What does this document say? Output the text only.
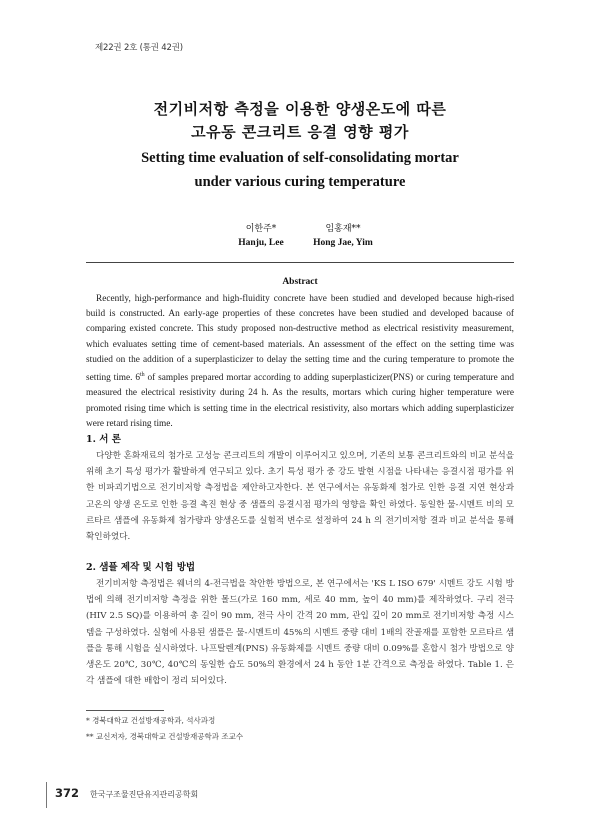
제22권 2호 (통권 42권)
전기비저항 측정을 이용한 양생온도에 따른
고유동 콘크리트 응결 영향 평가
Setting time evaluation of self-consolidating mortar
under various curing temperature
이한주*
Hanju, Lee
임홍재**
Hong Jae, Yim
Abstract
Recently, high-performance and high-fluidity concrete have been studied and developed because high-rised build is constructed. An early-age properties of these concretes have been studied and developed bacause of comparing existed concrete. This study proposed non-destructive method as electrical resistivity measurement, which evaluates setting time of cement-based materials. An assessment of the effect on the setting time was studied on the addition of a superplasticizer to delay the setting time and the curing temperature to promote the setting time. 6th of samples prepared mortar according to adding superplasticizer(PNS) or curing temperature and measured the electrical resistivity during 24 h. As the results, mortars which curing higher temperature were promoted rising time which is setting time in the electrical resistivity, also mortars which adding superplasticizer were retard rising time.
1. 서 론
다양한 혼화재료의 첨가로 고성능 콘크리트의 개발이 이루어지고 있으며, 기존의 보통 콘크리트와의 비교 분석을 위해 초기 특성 평가가 활발하게 연구되고 있다. 초기 특성 평가 중 강도 발현 시점을 나타내는 응결시점 평가를 위한 비파괴기법으로 전기비저항 측정법을 제안하고자한다. 본 연구에서는 유동화제 첨가로 인한 응결 지연 현상과 고온의 양생 온도로 인한 응결 촉진 현상 중 샘플의 응결시점 평가의 영향을 확인 하였다. 동일한 물-시멘트 비의 모르타르 샘플에 유동화제 첨가량과 양생온도를 실험적 변수로 설정하여 24 h 의 전기비저항 결과 비교 분석을 통해 확인하였다.
2. 샘플 제작 및 시험 방법
전기비저항 측정법은 웨너의 4-전극법을 착안한 방법으로, 본 연구에서는 'KS L ISO 679' 시멘트 강도 시험 방법에 의해 전기비저항 측정을 위한 몰드(가로 160 mm, 세로 40 mm, 높이 40 mm)를 제작하였다. 구리 전극(HIV 2.5 SQ)를 이용하여 총 길이 90 mm, 전극 사이 간격 20 mm, 관입 깊이 20 mm로 전기비저항 측정 시스템을 구성하였다. 실험에 사용된 샘플은 물-시멘트비 45%의 시멘트 중량 대비 1배의 잔골재를 포함한 모르타르 샘플을 통해 시험을 실시하였다. 나프탈렌계(PNS) 유동화제를 시멘트 중량 대비 0.09%를 혼합시 첨가 방법으로 양생온도 20℃, 30℃, 40℃의 동일한 습도 50%의 환경에서 24 h 동안 1분 간격으로 측정을 하였다. Table 1. 은 각 샘플에 대한 배합이 정리 되어있다.
* 경북대학교 건설방재공학과, 석사과정
** 교신저자, 경북대학교 건설방재공학과 조교수
372 한국구조물진단유지관리공학회
